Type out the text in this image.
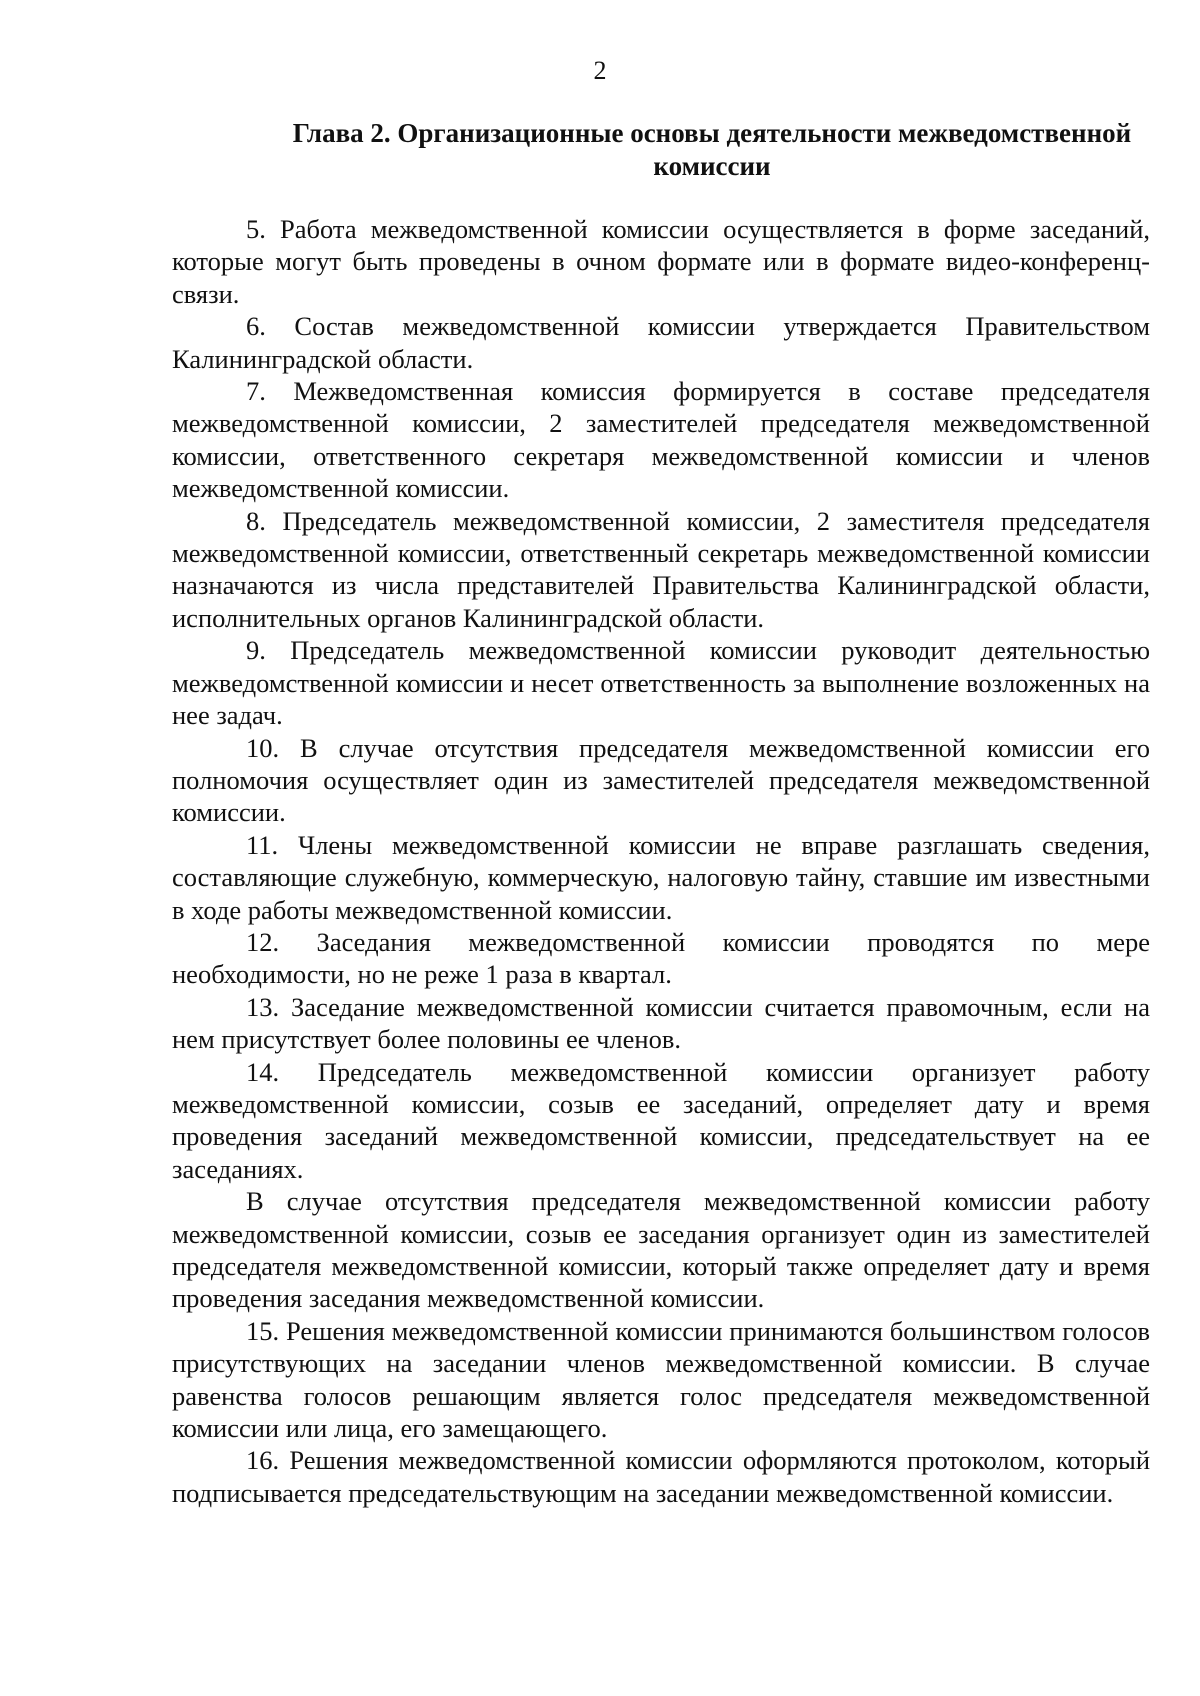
2
Глава 2. Организационные основы деятельности межведомственной комиссии

5. Работа межведомственной комиссии осуществляется в форме заседаний, которые могут быть проведены в очном формате или в формате видео-конференц-связи.

6. Состав межведомственной комиссии утверждается Правительством Калининградской области.

7. Межведомственная комиссия формируется в составе председателя межведомственной комиссии, 2 заместителей председателя межведомственной комиссии, ответственного секретаря межведомственной комиссии и членов межведомственной комиссии.

8. Председатель межведомственной комиссии, 2 заместителя председателя межведомственной комиссии, ответственный секретарь межведомственной комиссии назначаются из числа представителей Правительства Калининградской области, исполнительных органов Калининградской области.

9. Председатель межведомственной комиссии руководит деятельностью межведомственной комиссии и несет ответственность за выполнение возложенных на нее задач.

10. В случае отсутствия председателя межведомственной комиссии его полномочия осуществляет один из заместителей председателя межведомственной комиссии.

11. Члены межведомственной комиссии не вправе разглашать сведения, составляющие служебную, коммерческую, налоговую тайну, ставшие им известными в ходе работы межведомственной комиссии.

12. Заседания межведомственной комиссии проводятся по мере необходимости, но не реже 1 раза в квартал.

13. Заседание межведомственной комиссии считается правомочным, если на нем присутствует более половины ее членов.

14. Председатель межведомственной комиссии организует работу межведомственной комиссии, созыв ее заседаний, определяет дату и время проведения заседаний межведомственной комиссии, председательствует на ее заседаниях.

В случае отсутствия председателя межведомственной комиссии работу межведомственной комиссии, созыв ее заседания организует один из заместителей председателя межведомственной комиссии, который также определяет дату и время проведения заседания межведомственной комиссии.

15. Решения межведомственной комиссии принимаются большинством голосов присутствующих на заседании членов межведомственной комиссии. В случае равенства голосов решающим является голос председателя межведомственной комиссии или лица, его замещающего.

16. Решения межведомственной комиссии оформляются протоколом, который подписывается председательствующим на заседании межведомственной комиссии.
